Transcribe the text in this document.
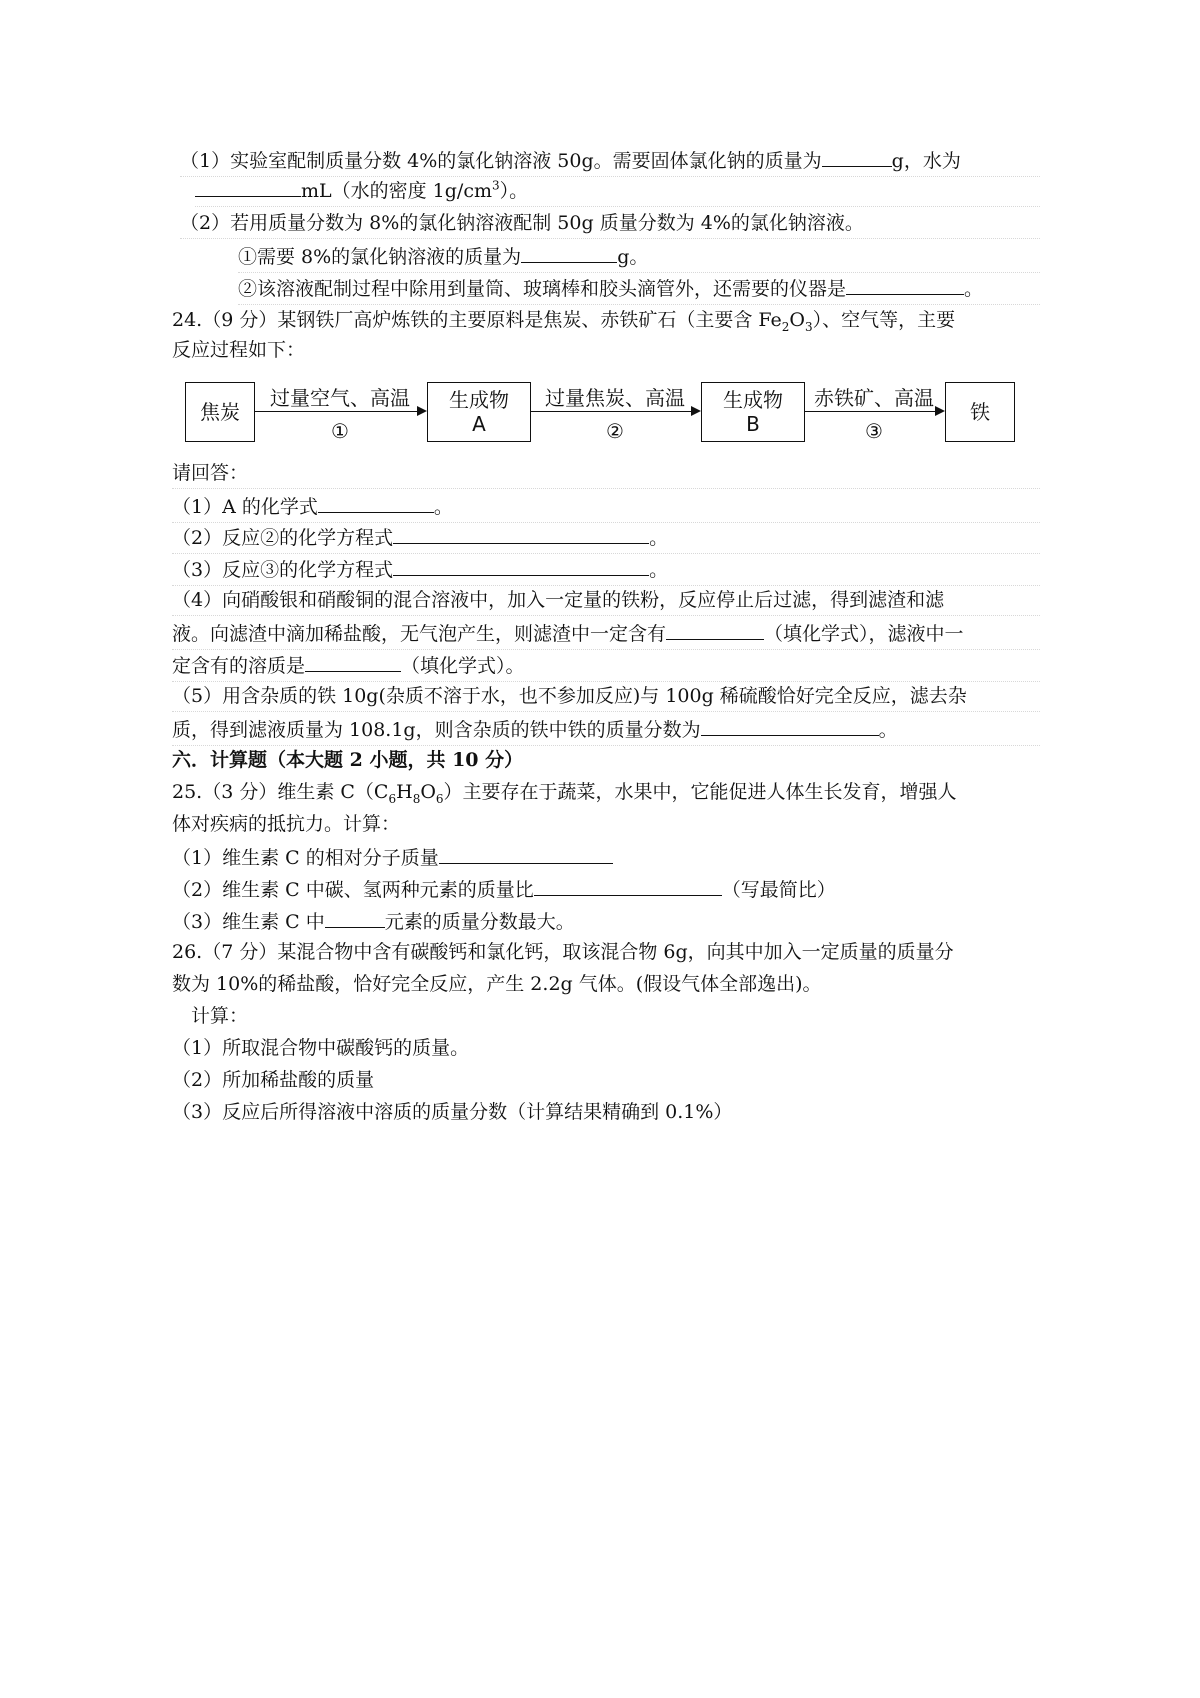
（1）实验室配制质量分数 4%的氯化钠溶液 50g。需要固体氯化钠的质量为	g，水为
mL（水的密度 $1g/cm^3$）。
（2）若用质量分数为 8%的氯化钠溶液配制 50g 质量分数为 4%的氯化钠溶液。
①需要 8%的氯化钠溶液的质量为	g。
②该溶液配制过程中除用到量筒、玻璃棒和胶头滴管外，还需要的仪器是	。
24.（9 分）某钢铁厂高炉炼铁的主要原料是焦炭、赤铁矿石（主要含 $Fe_2O_3$）、空气等，主要
反应过程如下：
焦炭
过量空气、高温
①
生成物
A
过量焦炭、高温
②
生成物
B
赤铁矿、高温
③
铁
请回答：
（1）A 的化学式	。
（2）反应②的化学方程式	。
（3）反应③的化学方程式	。
（4）向硝酸银和硝酸铜的混合溶液中，加入一定量的铁粉，反应停止后过滤，得到滤渣和滤
液。向滤渣中滴加稀盐酸，无气泡产生，则滤渣中一定含有	（填化学式），滤液中一
定含有的溶质是	（填化学式）。
（5）用含杂质的铁 10g(杂质不溶于水，也不参加反应)与 100g 稀硫酸恰好完全反应，滤去杂
质，得到滤液质量为 108.1g，则含杂质的铁中铁的质量分数为	。
六．计算题（本大题 2 小题，共 10 分）
25.（3 分）维生素 $C(C_6H_8O_6)$主要存在于蔬菜，水果中，它能促进人体生长发育，增强人
体对疾病的抵抗力。计算：
（1）维生素 C 的相对分子质量
（2）维生素 C 中碳、氢两种元素的质量比	（写最简比）
（3）维生素 C 中	元素的质量分数最大。
26.（7 分）某混合物中含有碳酸钙和氯化钙，取该混合物 6g，向其中加入一定质量的质量分
数为 10%的稀盐酸，恰好完全反应，产生 2.2g 气体。(假设气体全部逸出)。
计算：
（1）所取混合物中碳酸钙的质量。
（2）所加稀盐酸的质量
（3）反应后所得溶液中溶质的质量分数（计算结果精确到 0.1%）
